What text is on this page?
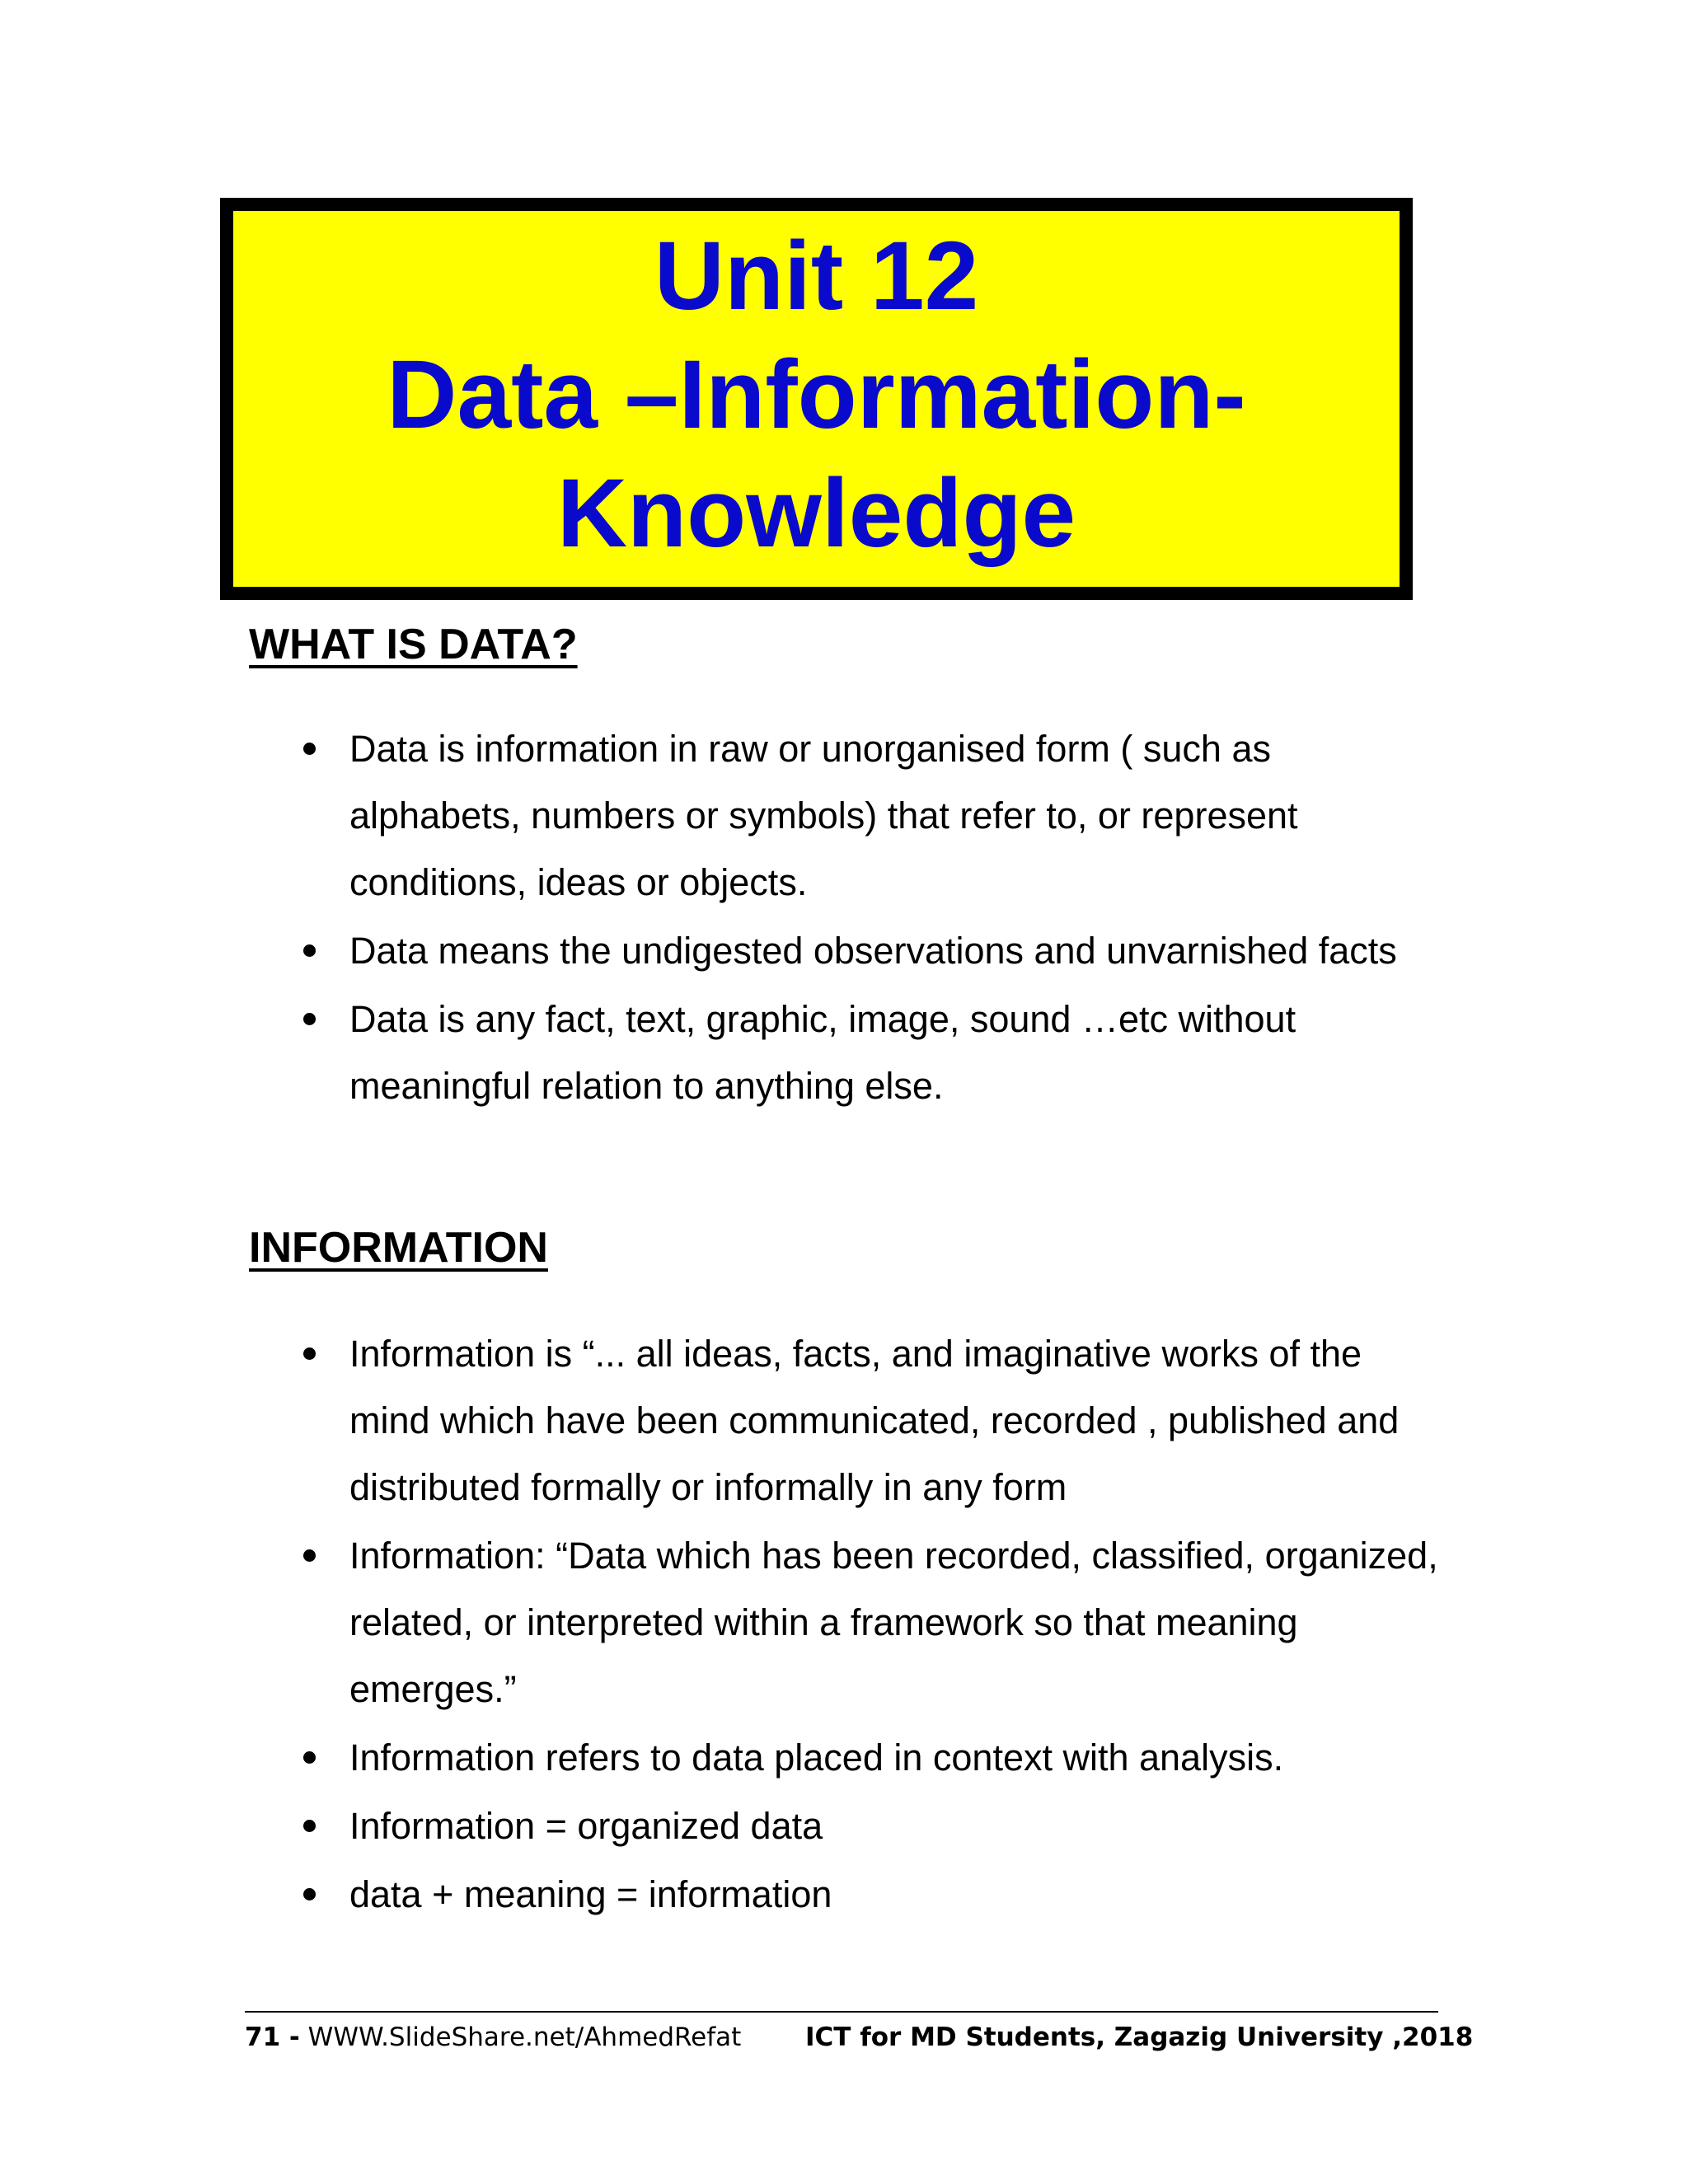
Unit 12
Data –Information-
Knowledge
WHAT IS DATA?
Data is information in raw or unorganised form ( such as alphabets, numbers or symbols) that refer to, or represent conditions, ideas or objects.
Data means the undigested observations and unvarnished facts
Data is any fact, text, graphic, image, sound …etc without meaningful relation to anything else.
INFORMATION
Information is “... all ideas, facts, and imaginative works of the mind which have been communicated, recorded , published and distributed formally or informally in any form
Information: “Data which has been recorded, classified, organized, related, or interpreted within a framework so that meaning emerges.”
Information refers to data placed in context with analysis.
Information = organized data
data + meaning = information
71 - WWW.SlideShare.net/AhmedRefat	ICT for MD Students, Zagazig University ,2018
